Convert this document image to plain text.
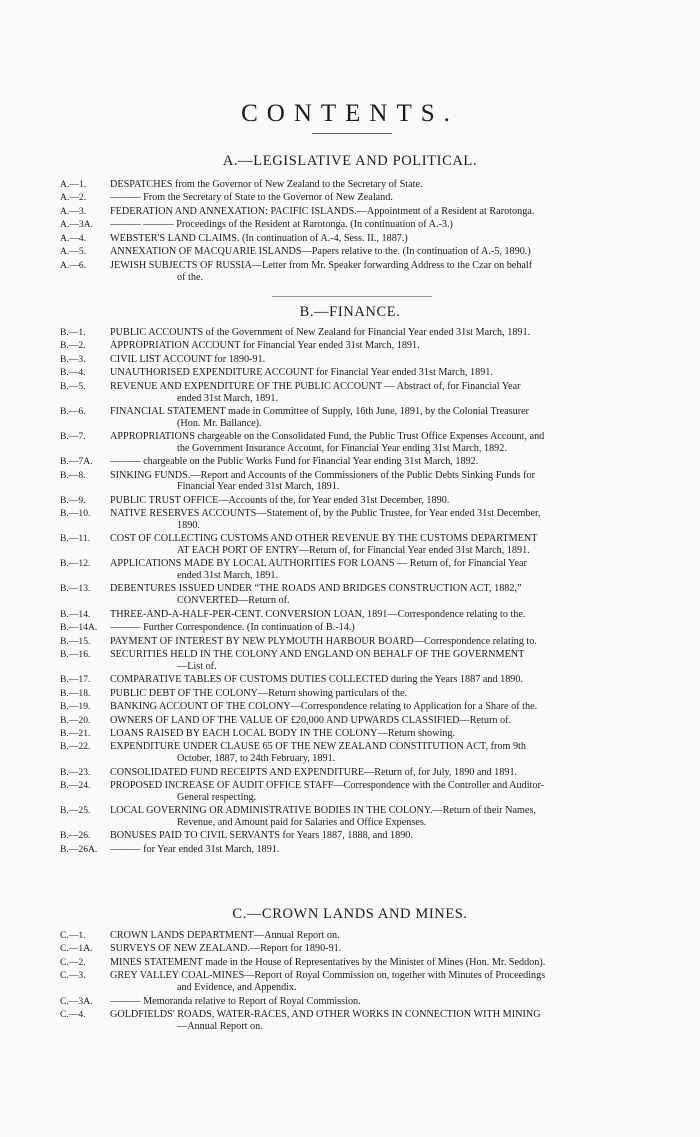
CONTENTS.
A.—LEGISLATIVE AND POLITICAL.
A.—1.	DESPATCHES from the Governor of New Zealand to the Secretary of State.
A.—2.	——— From the Secretary of State to the Governor of New Zealand.
A.—3.	FEDERATION AND ANNEXATION: PACIFIC ISLANDS.—Appointment of a Resident at Rarotonga.
A.—3A.	——— ——— Proceedings of the Resident at Rarotonga. (In continuation of A.-3.)
A.—4.	WEBSTER'S LAND CLAIMS. (In continuation of A.-4, Sess. II., 1887.)
A.—5.	ANNEXATION OF MACQUARIE ISLANDS—Papers relative to the. (In continuation of A.-5, 1890.)
A.—6.	JEWISH SUBJECTS OF RUSSIA—Letter from Mr. Speaker forwarding Address to the Czar on behalf
of the.
B.—FINANCE.
B.—1.	PUBLIC ACCOUNTS of the Government of New Zealand for Financial Year ended 31st March, 1891.
B.—2.	APPROPRIATION ACCOUNT for Financial Year ended 31st March, 1891.
B.—3.	CIVIL LIST ACCOUNT for 1890-91.
B.—4.	UNAUTHORISED EXPENDITURE ACCOUNT for Financial Year ended 31st March, 1891.
B.—5.	REVENUE AND EXPENDITURE OF THE PUBLIC ACCOUNT — Abstract of, for Financial Year
ended 31st March, 1891.
B.—6.	FINANCIAL STATEMENT made in Committee of Supply, 16th June, 1891, by the Colonial Treasurer
(Hon. Mr. Ballance).
B.—7.	APPROPRIATIONS chargeable on the Consolidated Fund, the Public Trust Office Expenses Account, and
the Government Insurance Account, for Financial Year ending 31st March, 1892.
B.—7A.	——— chargeable on the Public Works Fund for Financial Year ending 31st March, 1892.
B.—8.	SINKING FUNDS.—Report and Accounts of the Commissioners of the Public Debts Sinking Funds for
Financial Year ended 31st March, 1891.
B.—9.	PUBLIC TRUST OFFICE—Accounts of the, for Year ended 31st December, 1890.
B.—10.	NATIVE RESERVES ACCOUNTS—Statement of, by the Public Trustee, for Year ended 31st December,
1890.
B.—11.	COST OF COLLECTING CUSTOMS AND OTHER REVENUE BY THE CUSTOMS DEPARTMENT
AT EACH PORT OF ENTRY—Return of, for Financial Year ended 31st March, 1891.
B.—12.	APPLICATIONS MADE BY LOCAL AUTHORITIES FOR LOANS — Return of, for Financial Year
ended 31st March, 1891.
B.—13.	DEBENTURES ISSUED UNDER “THE ROADS AND BRIDGES CONSTRUCTION ACT, 1882,”
CONVERTED—Return of.
B.—14.	THREE-AND-A-HALF-PER-CENT. CONVERSION LOAN, 1891—Correspondence relating to the.
B.—14A.	——— Further Correspondence. (In continuation of B.-14.)
B.—15.	PAYMENT OF INTEREST BY NEW PLYMOUTH HARBOUR BOARD—Correspondence relating to.
B.—16.	SECURITIES HELD IN THE COLONY AND ENGLAND ON BEHALF OF THE GOVERNMENT
—List of.
B.—17.	COMPARATIVE TABLES OF CUSTOMS DUTIES COLLECTED during the Years 1887 and 1890.
B.—18.	PUBLIC DEBT OF THE COLONY—Return showing particulars of the.
B.—19.	BANKING ACCOUNT OF THE COLONY—Correspondence relating to Application for a Share of the.
B.—20.	OWNERS OF LAND OF THE VALUE OF £20,000 AND UPWARDS CLASSIFIED—Return of.
B.—21.	LOANS RAISED BY EACH LOCAL BODY IN THE COLONY—Return showing.
B.—22.	EXPENDITURE UNDER CLAUSE 65 OF THE NEW ZEALAND CONSTITUTION ACT, from 9th
October, 1887, to 24th February, 1891.
B.—23.	CONSOLIDATED FUND RECEIPTS AND EXPENDITURE—Return of, for July, 1890 and 1891.
B.—24.	PROPOSED INCREASE OF AUDIT OFFICE STAFF—Correspondence with the Controller and Auditor-
General respecting.
B.—25.	LOCAL GOVERNING OR ADMINISTRATIVE BODIES IN THE COLONY.—Return of their Names,
Revenue, and Amount paid for Salaries and Office Expenses.
B.—26.	BONUSES PAID TO CIVIL SERVANTS for Years 1887, 1888, and 1890.
B.—26A.	——— for Year ended 31st March, 1891.
C.—CROWN LANDS AND MINES.
C.—1.	CROWN LANDS DEPARTMENT—Annual Report on.
C.—1A.	SURVEYS OF NEW ZEALAND.—Report for 1890-91.
C.—2.	MINES STATEMENT made in the House of Representatives by the Minister of Mines (Hon. Mr. Seddon).
C.—3.	GREY VALLEY COAL-MINES—Report of Royal Commission on, together with Minutes of Proceedings
and Evidence, and Appendix.
C.—3A.	——— Memoranda relative to Report of Royal Commission.
C.—4.	GOLDFIELDS' ROADS, WATER-RACES, AND OTHER WORKS IN CONNECTION WITH MINING
—Annual Report on.
